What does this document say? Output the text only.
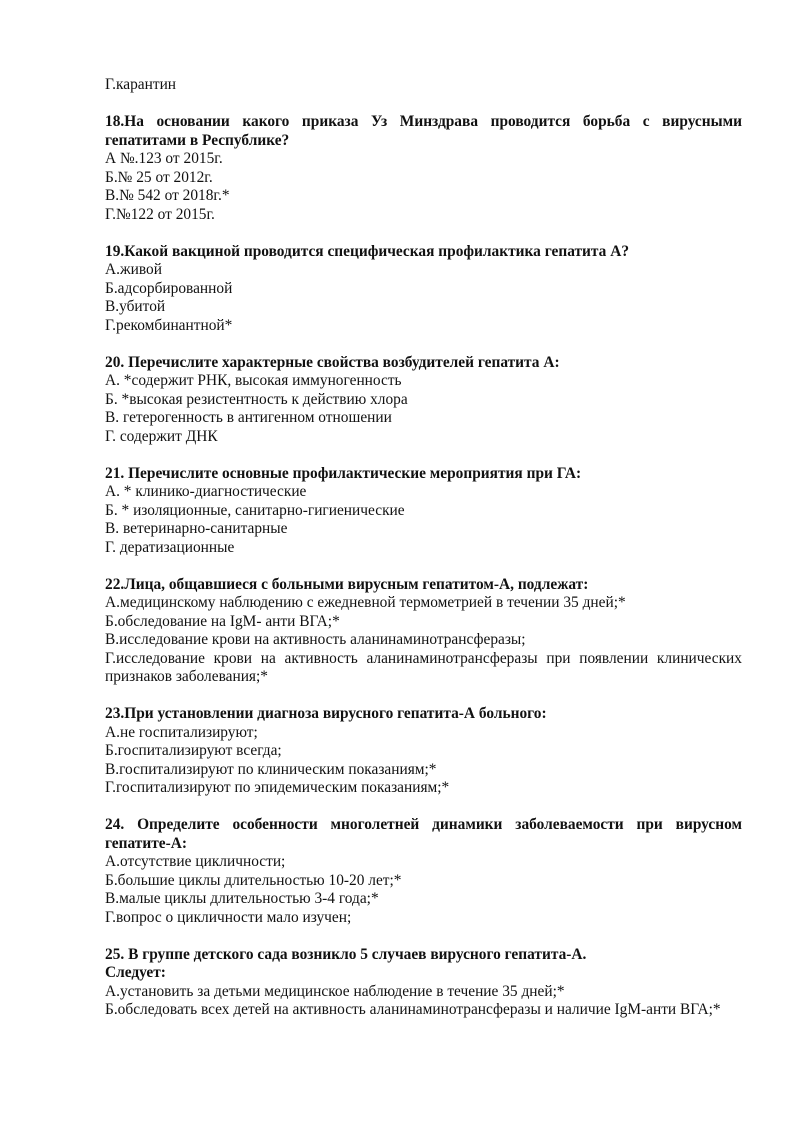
Г.карантин

18.На основании какого приказа Уз Минздрава проводится борьба с вирусными гепатитами в Республике?

А №.123 от 2015г.

Б.№ 25 от 2012г.

В.№ 542 от 2018г.*

Г.№122 от 2015г.

19.Какой вакциной проводится специфическая профилактика гепатита А?

А.живой

Б.адсорбированной

В.убитой

Г.рекомбинантной*

20. Перечислите характерные свойства возбудителей гепатита А:

А. *содержит РНК, высокая иммуногенность

Б. *высокая резистентность к действию хлора

В. гетерогенность в антигенном отношении

Г. содержит ДНК

21. Перечислите основные профилактические мероприятия при ГА:

А. * клинико-диагностические

Б. * изоляционные, санитарно-гигиенические

В. ветеринарно-санитарные

Г. дератизационные

22.Лица, общавшиеся с больными вирусным гепатитом-А, подлежат:

А.медицинскому наблюдению с ежедневной термометрией в течении 35 дней;*

Б.обследование на IgM- анти ВГА;*

В.исследование крови на активность аланинаминотрансферазы;

Г.исследование крови на активность аланинаминотрансферазы при появлении клинических признаков заболевания;*

23.При установлении диагноза вирусного гепатита-А больного:

А.не госпитализируют;

Б.госпитализируют всегда;

В.госпитализируют по клиническим показаниям;*

Г.госпитализируют по эпидемическим показаниям;*

24. Определите особенности многолетней динамики заболеваемости при вирусном гепатите-А:

А.отсутствие цикличности;

Б.большие циклы длительностью 10-20 лет;*

В.малые циклы длительностью 3-4 года;*

Г.вопрос о цикличности мало изучен;

25. В группе детского сада возникло 5 случаев вирусного гепатита-А.

Следует:

А.установить за детьми медицинское наблюдение в течение 35 дней;*

Б.обследовать всех детей на активность аланинаминотрансферазы и наличие IgM-анти ВГА;*
